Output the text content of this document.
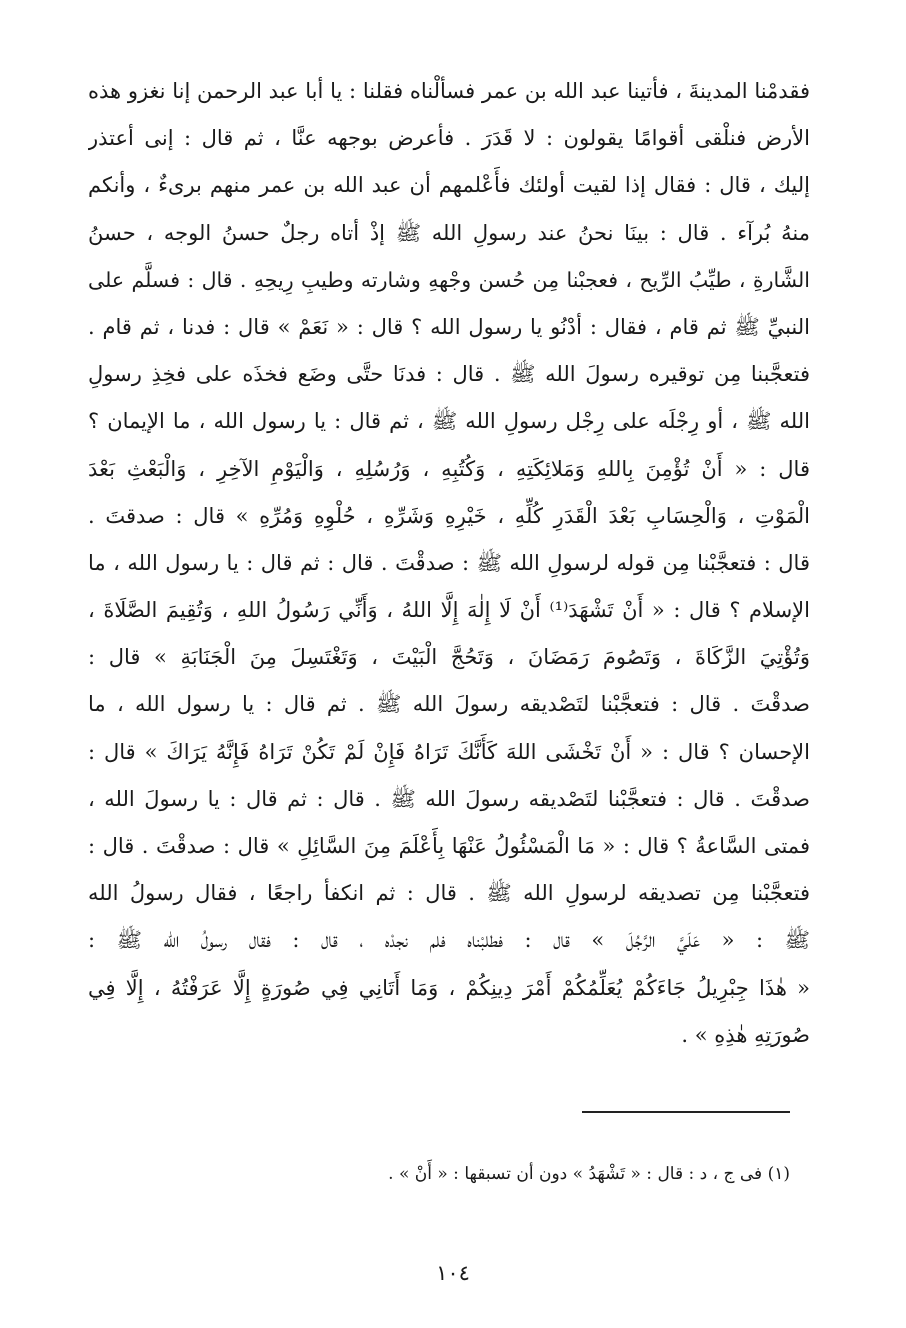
فقدمْنا المدينةَ ، فأتينا عبد الله بن عمر فسألْناه فقلنا : يا أبا عبد الرحمن إنا نغزو هذه
الأرض فنلْقى أقوامًا يقولون : لا قَدَرَ . فأعرض بوجهه عنَّا ، ثم قال : إنى أعتذر
إليك ، قال : فقال إذا لقيت أولئك فأَعْلمهم أن عبد الله بن عمر منهم برىءٌ ، وأنكم
منهُ بُرآء . قال : بينَا نحنُ عند رسولِ الله ﷺ إذْ أتاه رجلٌ حسنُ الوجه ، حسنُ
الشَّارةِ ، طيِّبُ الرِّيح ، فعجبْنا مِن حُسن وجْههِ وشارته وطيبِ رِيحِهِ . قال : فسلَّم على
النبيِّ ﷺ ثم قام ، فقال : أدْنُو يا رسول الله ؟ قال : « نَعَمْ » قال : فدنا ، ثم قام .
فتعجَّبنا مِن توقيره رسولَ الله ﷺ . قال : فدنَا حتَّى وضَع فخذَه على فخِذِ رسولِ
الله ﷺ ، أو رِجْلَه على رِجْل رسولِ الله ﷺ ، ثم قال : يا رسول الله ، ما الإيمان ؟
قال : « أَنْ تُؤْمِنَ بِاللهِ وَمَلائِكَتِهِ ، وَكُتُبِهِ ، وَرُسُلِهِ ، وَالْيَوْمِ الآخِرِ ، وَالْبَعْثِ بَعْدَ
الْمَوْتِ ، وَالْحِسَابِ بَعْدَ الْقَدَرِ كُلِّهِ ، خَيْرِهِ وَشَرِّهِ ، حُلْوِهِ وَمُرِّهِ » قال : صدقتَ .
قال : فتعجَّبْنا مِن قوله لرسولِ الله ﷺ : صدقْتَ . قال : ثم قال : يا رسول الله ، ما
الإسلام ؟ قال : « أَنْ تَشْهَدَ⁽¹⁾ أَنْ لَا إِلٰهَ إِلَّا اللهُ ، وَأَنِّي رَسُولُ اللهِ ، وَتُقِيمَ الصَّلَاةَ ،
وَتُؤْتِيَ الزَّكَاةَ ، وَتَصُومَ رَمَضَانَ ، وَتَحُجَّ الْبَيْتَ ، وَتَغْتَسِلَ مِنَ الْجَنَابَةِ » قال :
صدقْتَ . قال : فتعجَّبْنا لتَصْديقه رسولَ الله ﷺ . ثم قال : يا رسول الله ، ما
الإحسان ؟ قال : « أَنْ تَخْشَى اللهَ كَأَنَّكَ تَرَاهُ فَإِنْ لَمْ تَكُنْ تَرَاهُ فَإِنَّهُ يَرَاكَ » قال :
صدقْتَ . قال : فتعجَّبْنا لتَصْديقه رسولَ الله ﷺ . قال : ثم قال : يا رسولَ الله ،
فمتى السَّاعةُ ؟ قال : « مَا الْمَسْئُولُ عَنْهَا بِأَعْلَمَ مِنَ السَّائِلِ » قال : صدقْتَ . قال :
فتعجَّبْنا مِن تصديقه لرسولِ الله ﷺ . قال : ثم انكفأ راجعًا ، فقال رسولُ الله
ﷺ : « عَلَيَّ الرَّجُلَ » قال : فطلبْناه فلم نجدْه ، قال : فقال رسولُ الله ﷺ :
« هٰذَا جِبْرِيلُ جَاءَكُمْ يُعَلِّمُكُمْ أَمْرَ دِينِكُمْ ، وَمَا أَتَانِي فِي صُورَةٍ إِلَّا عَرَفْتُهُ ، إِلَّا فِي
صُورَتِهِ هٰذِهِ » .
(١) فى ج ، د : قال : « تَشْهَدُ » دون أن تسبقها : « أَنْ » .
١٠٤
